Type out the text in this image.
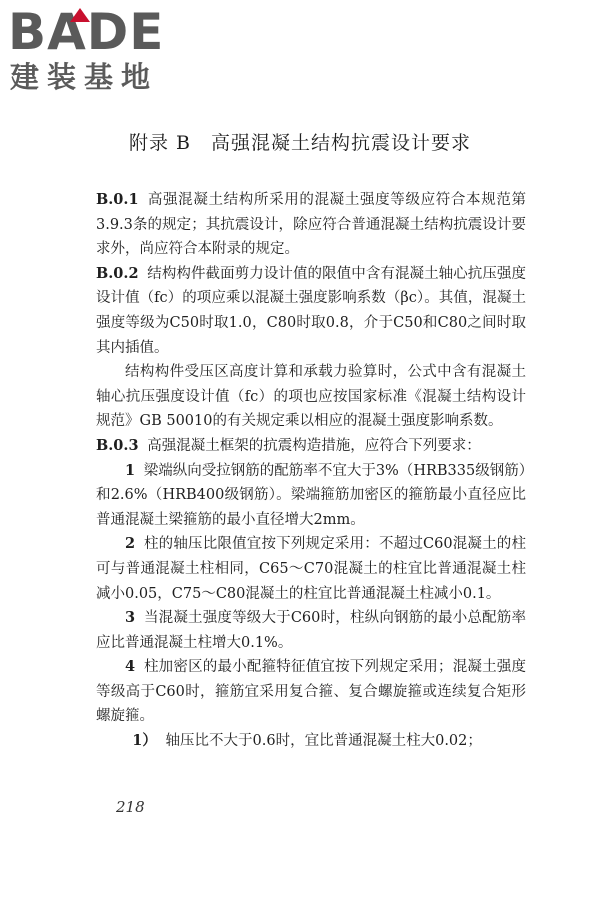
BADE
建装基地
附录 B　高强混凝土结构抗震设计要求

B.0.1 高强混凝土结构所采用的混凝土强度等级应符合本规范第3.9.3条的规定；其抗震设计，除应符合普通混凝土结构抗震设计要求外，尚应符合本附录的规定。

B.0.2 结构构件截面剪力设计值的限值中含有混凝土轴心抗压强度设计值（fc）的项应乘以混凝土强度影响系数（βc）。其值，混凝土强度等级为C50时取1.0，C80时取0.8，介于C50和C80之间时取其内插值。

结构构件受压区高度计算和承载力验算时，公式中含有混凝土轴心抗压强度设计值（fc）的项也应按国家标准《混凝土结构设计规范》GB 50010的有关规定乘以相应的混凝土强度影响系数。

B.0.3 高强混凝土框架的抗震构造措施，应符合下列要求：

1 梁端纵向受拉钢筋的配筋率不宜大于3%（HRB335级钢筋）和2.6%（HRB400级钢筋）。梁端箍筋加密区的箍筋最小直径应比普通混凝土梁箍筋的最小直径增大2mm。

2 柱的轴压比限值宜按下列规定采用：不超过C60混凝土的柱可与普通混凝土柱相同，C65～C70混凝土的柱宜比普通混凝土柱减小0.05，C75～C80混凝土的柱宜比普通混凝土柱减小0.1。

3 当混凝土强度等级大于C60时，柱纵向钢筋的最小总配筋率应比普通混凝土柱增大0.1%。

4 柱加密区的最小配箍特征值宜按下列规定采用；混凝土强度等级高于C60时，箍筋宜采用复合箍、复合螺旋箍或连续复合矩形螺旋箍。

1） 轴压比不大于0.6时，宜比普通混凝土柱大0.02；

218
